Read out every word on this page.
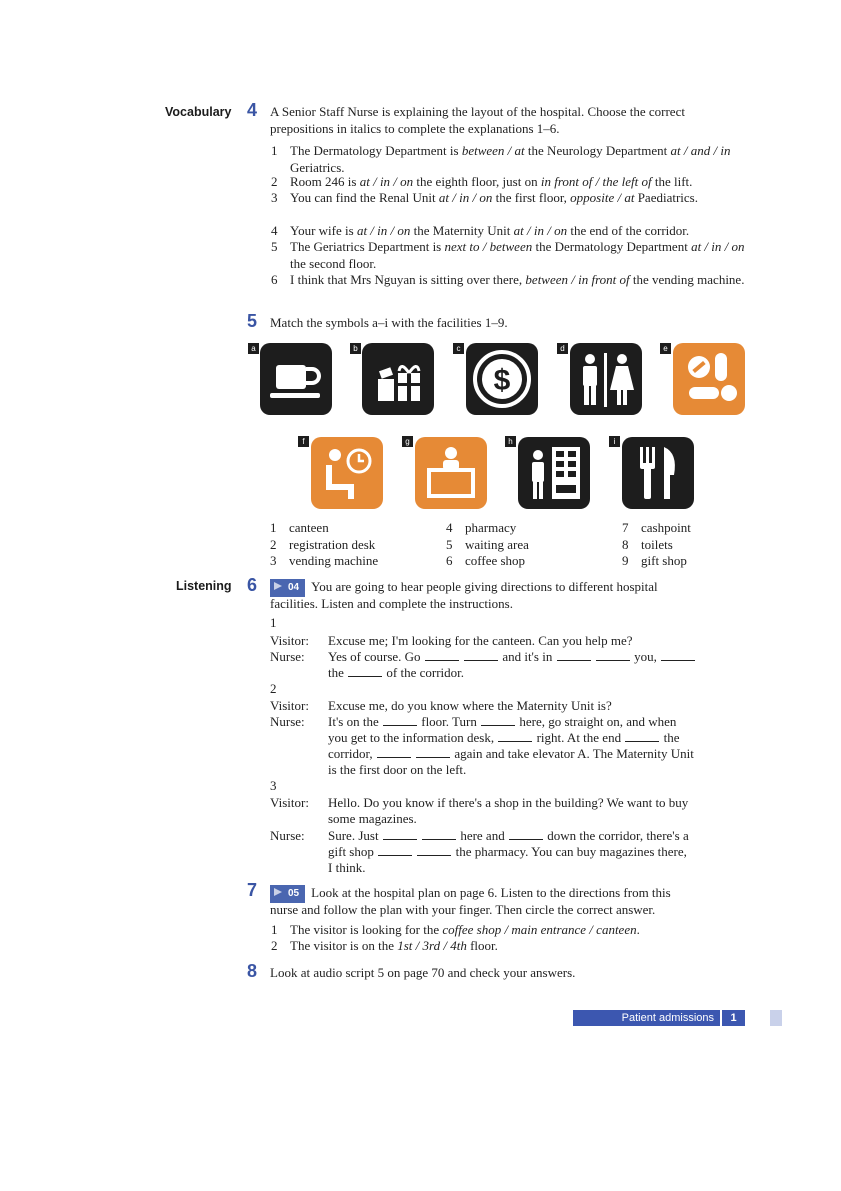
Vocabulary 4 A Senior Staff Nurse is explaining the layout of the hospital. Choose the correct prepositions in italics to complete the explanations 1–6.
1 The Dermatology Department is between / at the Neurology Department at / and / in Geriatrics.
2 Room 246 is at / in / on the eighth floor, just on in front of / the left of the lift.
3 You can find the Renal Unit at / in / on the first floor, opposite / at Paediatrics.
4 Your wife is at / in / on the Maternity Unit at / in / on the end of the corridor.
5 The Geriatrics Department is next to / between the Dermatology Department at / in / on the second floor.
6 I think that Mrs Nguyan is sitting over there, between / in front of the vending machine.
5 Match the symbols a–i with the facilities 1–9.
a	b	c
$
d	e
f	g	h	i
1 canteen
2 registration desk
3 vending machine
4 pharmacy
5 waiting area
6 coffee shop
7 cashpoint
8 toilets
9 gift shop
Listening 6	04 You are going to hear people giving directions to different hospital
facilities. Listen and complete the instructions.
1
Visitor:	Excuse me; I'm looking for the canteen. Can you help me?
Nurse:	Yes of course. Go	and it's in	you,
the	of the corridor.
2
Visitor:	Excuse me, do you know where the Maternity Unit is?
Nurse:	It's on the	floor. Turn	here, go straight on, and when
you get to the information desk,	right. At the end	the
corridor,	again and take elevator A. The Maternity Unit
is the first door on the left.
3
Visitor:	Hello. Do you know if there's a shop in the building? We want to buy
some magazines.
Nurse:	Sure. Just	here and	down the corridor, there's a
gift shop	the pharmacy. You can buy magazines there,
I think.
7	05 Look at the hospital plan on page 6. Listen to the directions from this
nurse and follow the plan with your finger. Then circle the correct answer.
1 The visitor is looking for the coffee shop / main entrance / canteen.
2 The visitor is on the 1st / 3rd / 4th floor.
8 Look at audio script 5 on page 70 and check your answers.
Patient admissions	1
